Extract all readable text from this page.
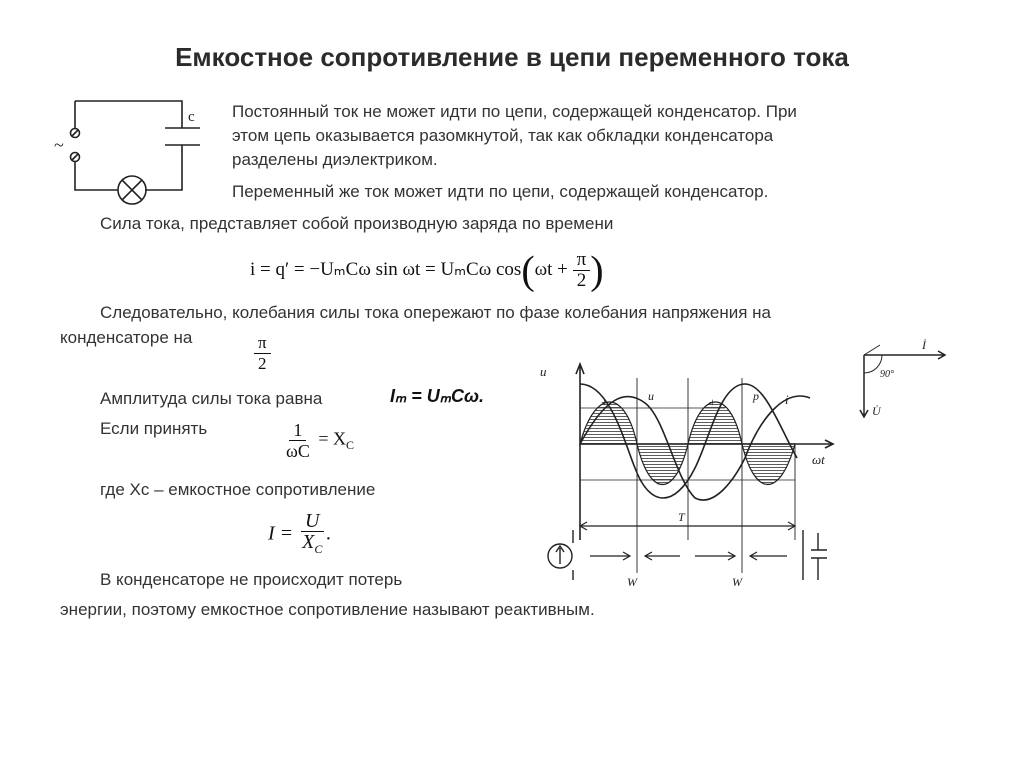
Емкостное сопротивление в цепи переменного тока
c
~
Постоянный ток не может идти по цепи, содержащей конденсатор. При
этом цепь оказывается разомкнутой, так как обкладки конденсатора
разделены диэлектриком.
Переменный же ток может идти по цепи, содержащей конденсатор.
Сила тока, представляет собой производную заряда по времени
i = q′ = −UₘCω sin ωt = UₘCω $\cos(\omega t + \frac{\pi}{2}$ )
Следовательно, колебания силы тока опережают по фазе колебания напряжения на
конденсаторе на	$\frac{\pi}{2}$
Амплитуда силы тока равна	Iₘ = UₘCω.
Если принять	$\frac{1}{\omega C} = X_C$
где Xc – емкостное сопротивление
$I = \frac{U}{X_C}$ .
В конденсаторе не происходит потерь
энергии, поэтому емкостное сопротивление называют реактивным.
T
W	W
u
u	p i
ωt
+	+
−	−
İ
U̇
90°
